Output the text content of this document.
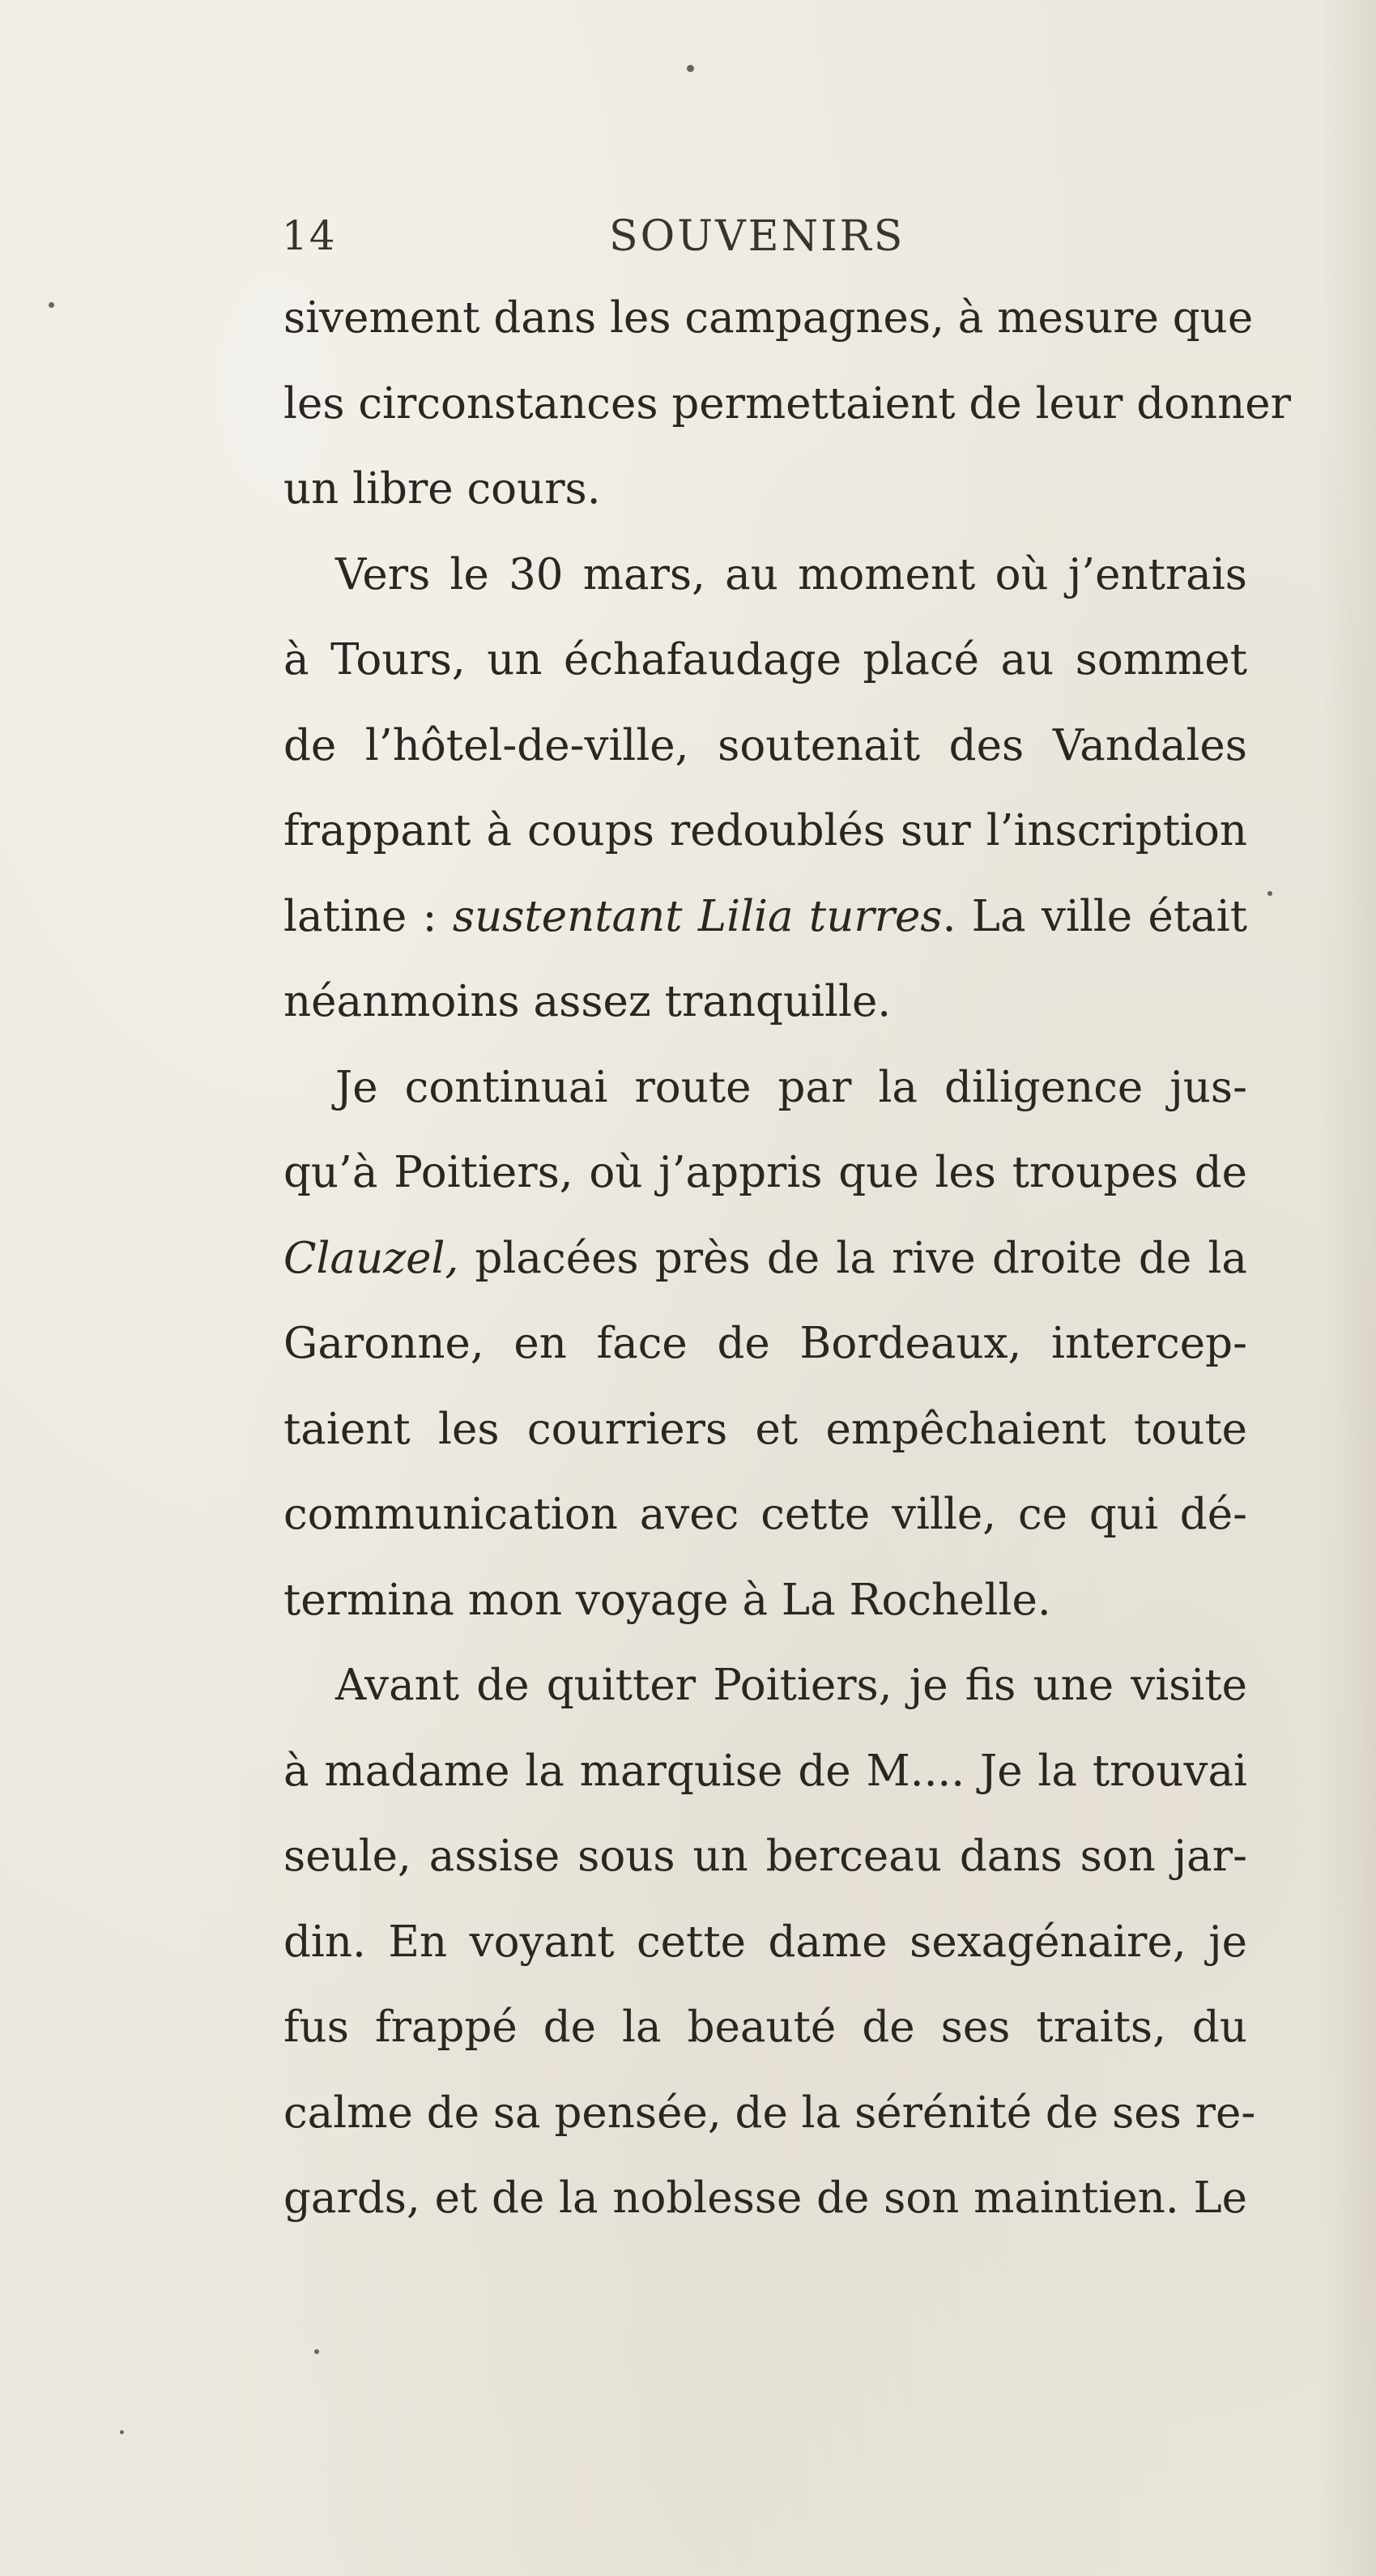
14	SOUVENIRS
sivement dans les campagnes, à mesure que
les circonstances permettaient de leur donner
un libre cours.
Vers le 30 mars, au moment où j’entrais
à Tours, un échafaudage placé au sommet
de l’hôtel-de-ville, soutenait des Vandales
frappant à coups redoublés sur l’inscription
latine : sustentant Lilia turres. La ville était
néanmoins assez tranquille.
Je continuai route par la diligence jus-
qu’à Poitiers, où j’appris que les troupes de
Clauzel, placées près de la rive droite de la
Garonne, en face de Bordeaux, intercep-
taient les courriers et empêchaient toute
communication avec cette ville, ce qui dé-
termina mon voyage à La Rochelle.
Avant de quitter Poitiers, je fis une visite
à madame la marquise de M.... Je la trouvai
seule, assise sous un berceau dans son jar-
din. En voyant cette dame sexagénaire, je
fus frappé de la beauté de ses traits, du
calme de sa pensée, de la sérénité de ses re-
gards, et de la noblesse de son maintien. Le
